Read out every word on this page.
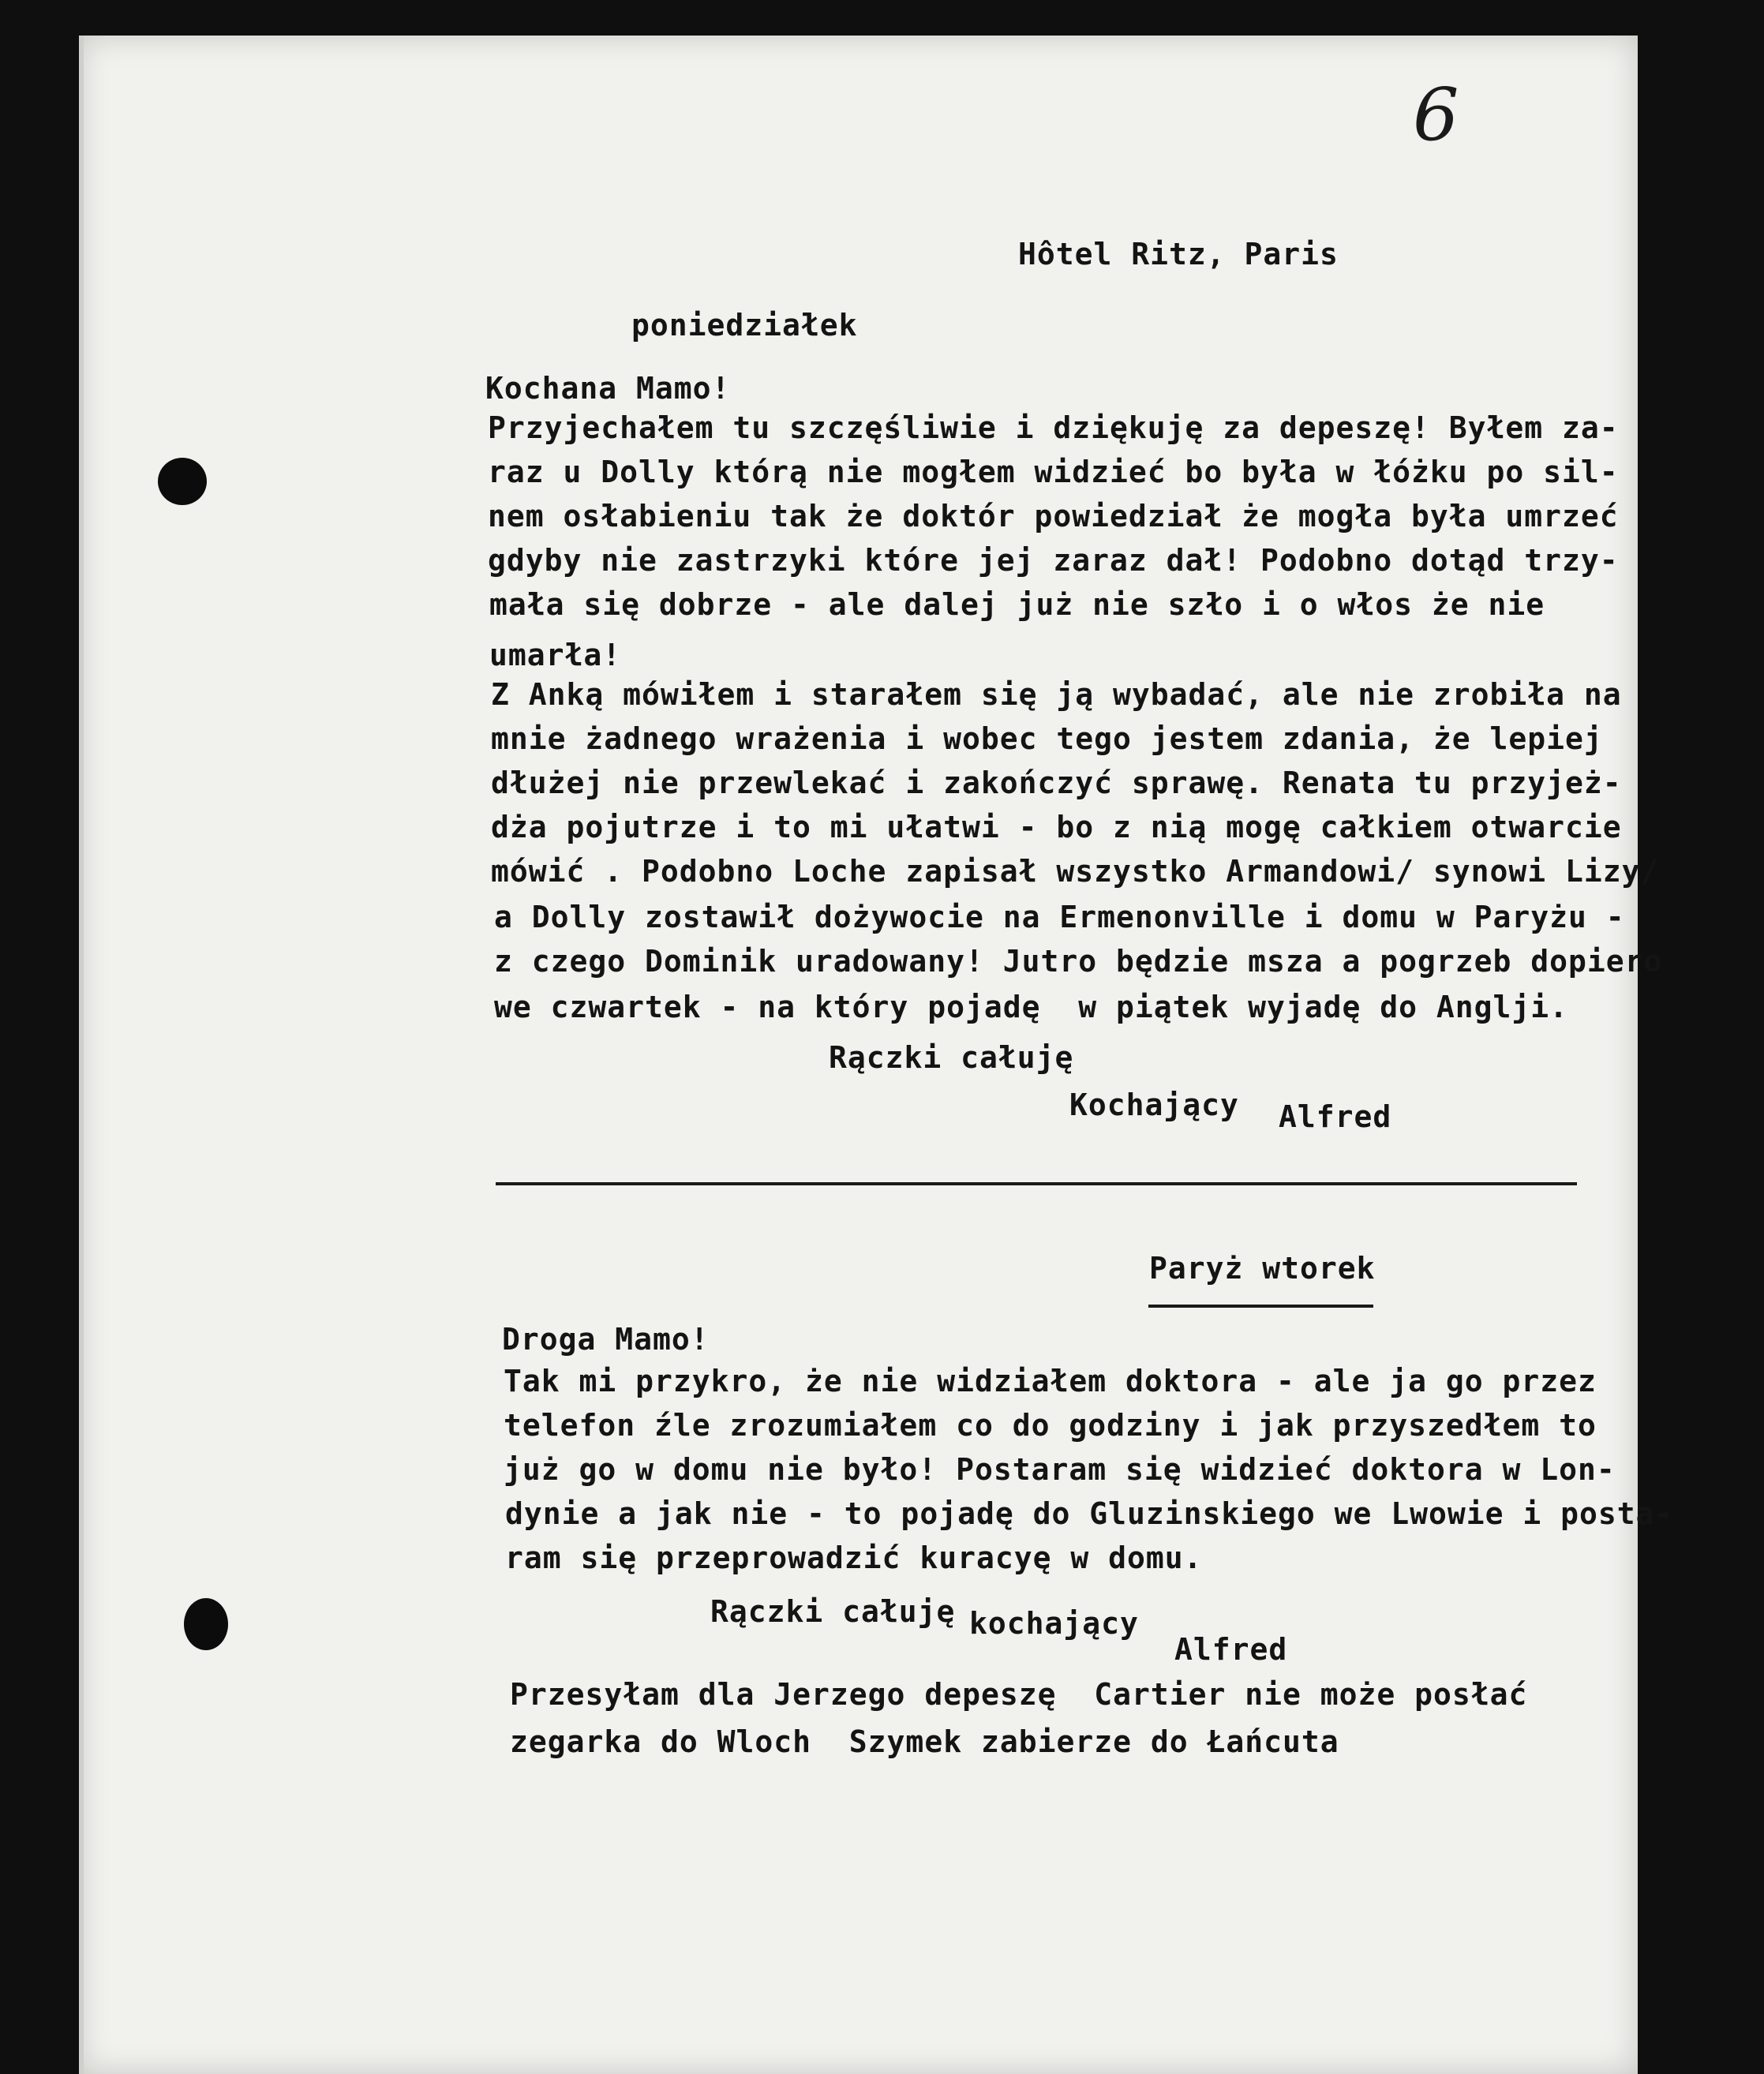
6
Hôtel Ritz, Paris
poniedziałek
Kochana Mamo!
Przyjechałem tu szczęśliwie i dziękuję za depeszę! Byłem za-
raz u Dolly którą nie mogłem widzieć bo była w łóżku po sil-
nem osłabieniu tak że doktór powiedział że mogła była umrzeć
gdyby nie zastrzyki które jej zaraz dał! Podobno dotąd trzy-
mała się dobrze - ale dalej już nie szło i o włos że nie
umarła!
Z Anką mówiłem i starałem się ją wybadać, ale nie zrobiła na
mnie żadnego wrażenia i wobec tego jestem zdania, że lepiej
dłużej nie przewlekać i zakończyć sprawę. Renata tu przyjeż-
dża pojutrze i to mi ułatwi - bo z nią mogę całkiem otwarcie
mówić . Podobno Loche zapisał wszystko Armandowi/ synowi Lizy/
a Dolly zostawił dożywocie na Ermenonville i domu w Paryżu -
z czego Dominik uradowany! Jutro będzie msza a pogrzeb dopiero
we czwartek - na który pojadę  w piątek wyjadę do Anglji.
Rączki całuję
Kochający Alfred
Paryż wtorek
Droga Mamo!
Tak mi przykro, że nie widziałem doktora - ale ja go przez
telefon źle zrozumiałem co do godziny i jak przyszedłem to
już go w domu nie było! Postaram się widzieć doktora w Lon-
dynie a jak nie - to pojadę do Gluzinskiego we Lwowie i posta-
ram się przeprowadzić kuracyę w domu.
Rączki całuję kochający
Alfred
Przesyłam dla Jerzego depeszę  Cartier nie może posłać
zegarka do Wloch  Szymek zabierze do Łańcuta
